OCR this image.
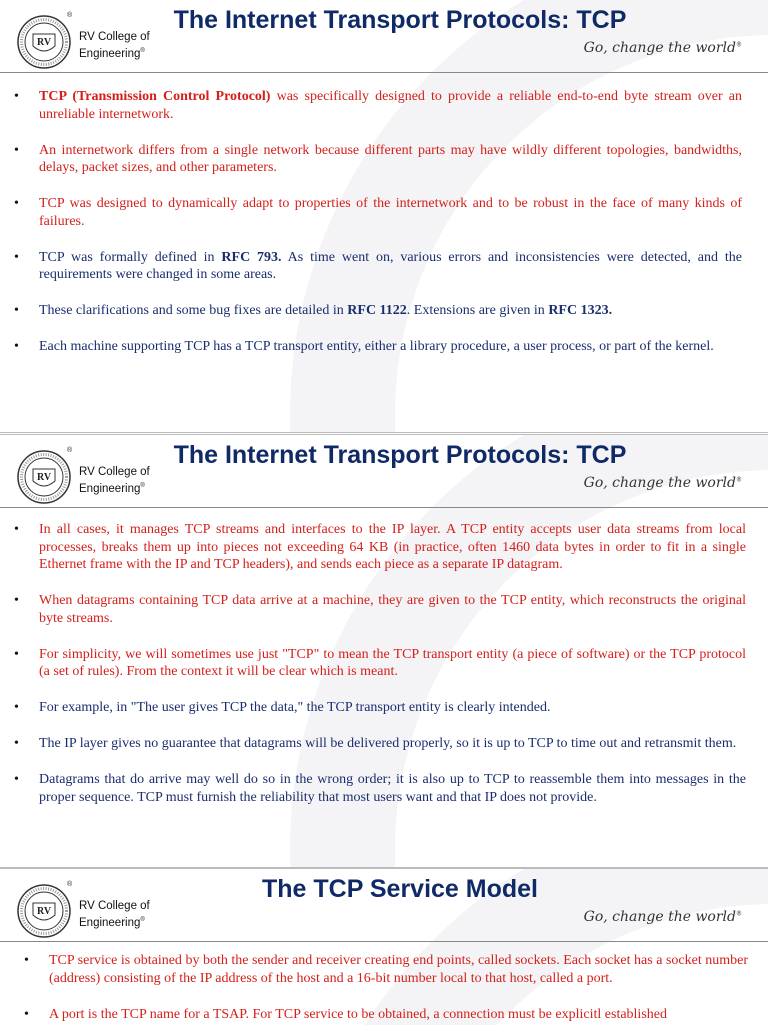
RV
®
RV College of
Engineering®
The Internet Transport Protocols: TCP
Go, change the world®
• TCP (Transmission Control Protocol) was specifically designed to provide a reliable end-to-end byte stream over an unreliable internetwork.
• An internetwork differs from a single network because different parts may have wildly different topologies, bandwidths, delays, packet sizes, and other parameters.
• TCP was designed to dynamically adapt to properties of the internetwork and to be robust in the face of many kinds of failures.
• TCP was formally defined in RFC 793. As time went on, various errors and inconsistencies were detected, and the requirements were changed in some areas.
• These clarifications and some bug fixes are detailed in RFC 1122. Extensions are given in RFC 1323.
• Each machine supporting TCP has a TCP transport entity, either a library procedure, a user process, or part of the kernel.
RV
®
RV College of
Engineering®
The Internet Transport Protocols: TCP
Go, change the world®
• In all cases, it manages TCP streams and interfaces to the IP layer. A TCP entity accepts user data streams from local processes, breaks them up into pieces not exceeding 64 KB (in practice, often 1460 data bytes in order to fit in a single Ethernet frame with the IP and TCP headers), and sends each piece as a separate IP datagram.
• When datagrams containing TCP data arrive at a machine, they are given to the TCP entity, which reconstructs the original byte streams.
• For simplicity, we will sometimes use just "TCP" to mean the TCP transport entity (a piece of software) or the TCP protocol (a set of rules). From the context it will be clear which is meant.
• For example, in "The user gives TCP the data," the TCP transport entity is clearly intended.
• The IP layer gives no guarantee that datagrams will be delivered properly, so it is up to TCP to time out and retransmit them.
• Datagrams that do arrive may well do so in the wrong order; it is also up to TCP to reassemble them into messages in the proper sequence. TCP must furnish the reliability that most users want and that IP does not provide.
RV
®
RV College of
Engineering®
The TCP Service Model
Go, change the world®
• TCP service is obtained by both the sender and receiver creating end points, called sockets. Each socket has a socket number (address) consisting of the IP address of the host and a 16-bit number local to that host, called a port.
• A port is the TCP name for a TSAP. For TCP service to be obtained, a connection must be explicitl established
